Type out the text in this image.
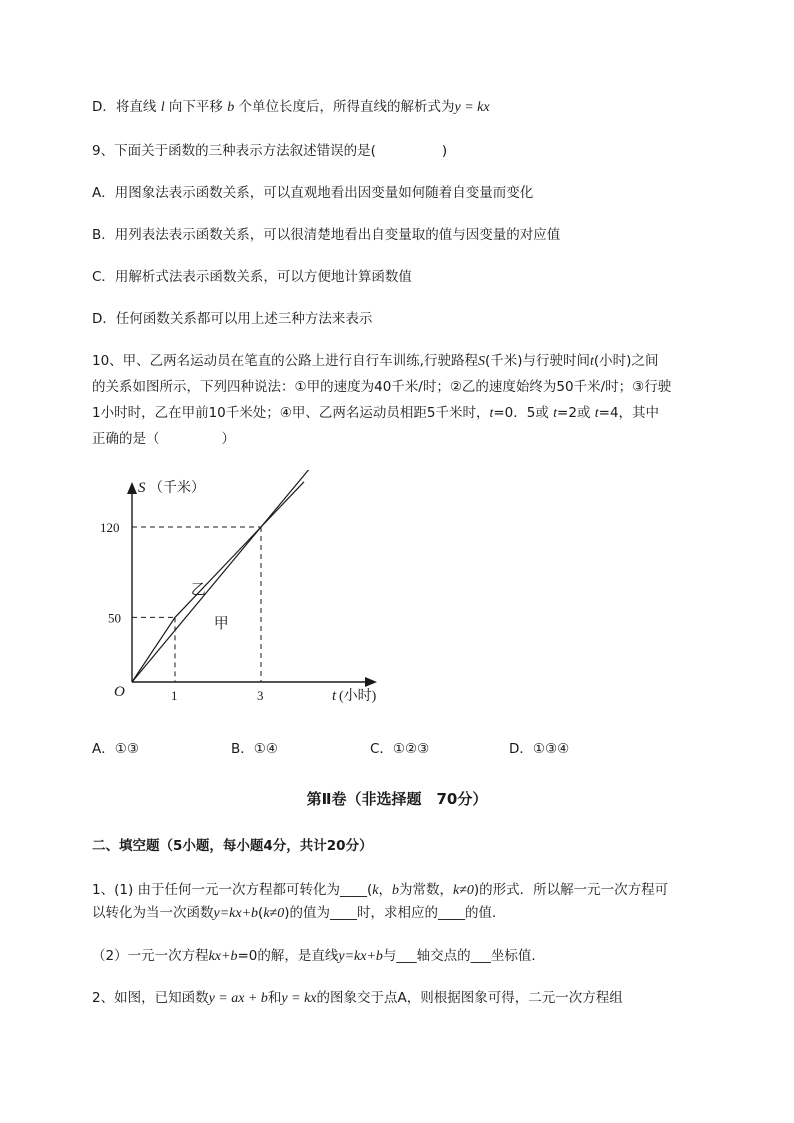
D．将直线 l 向下平移 b 个单位长度后，所得直线的解析式为y = kx
9、下面关于函数的三种表示方法叙述错误的是(	)
A．用图象法表示函数关系，可以直观地看出因变量如何随着自变量而变化
B．用列表法表示函数关系，可以很清楚地看出自变量取的值与因变量的对应值
C．用解析式法表示函数关系，可以方便地计算函数值
D．任何函数关系都可以用上述三种方法来表示
10、甲、乙两名运动员在笔直的公路上进行自行车训练,行驶路程S(千米)与行驶时间t(小时)之间
的关系如图所示，下列四种说法：①甲的速度为40千米/时；②乙的速度始终为50千米/时；③行驶
1小时时，乙在甲前10千米处；④甲、乙两名运动员相距5千米时，t=0．5或 t=2或 t=4，其中
正确的是（	）
乙
甲
120
50
1	3
O
S （千米）
t (小时)
A．①③	B．①④	C．①②③	D．①③④
第Ⅱ卷（非选择题　70分）
二、填空题（5小题，每小题4分，共计20分）
1、(1) 由于任何一元一次方程都可转化为____(k，b为常数，k≠0)的形式．所以解一元一次方程可
以转化为当一次函数y=kx+b(k≠0)的值为____时，求相应的____的值．
（2）一元一次方程kx+b=0的解，是直线y=kx+b与___轴交点的___坐标值．
2、如图，已知函数y = ax + b和y = kx的图象交于点A，则根据图象可得，二元一次方程组
